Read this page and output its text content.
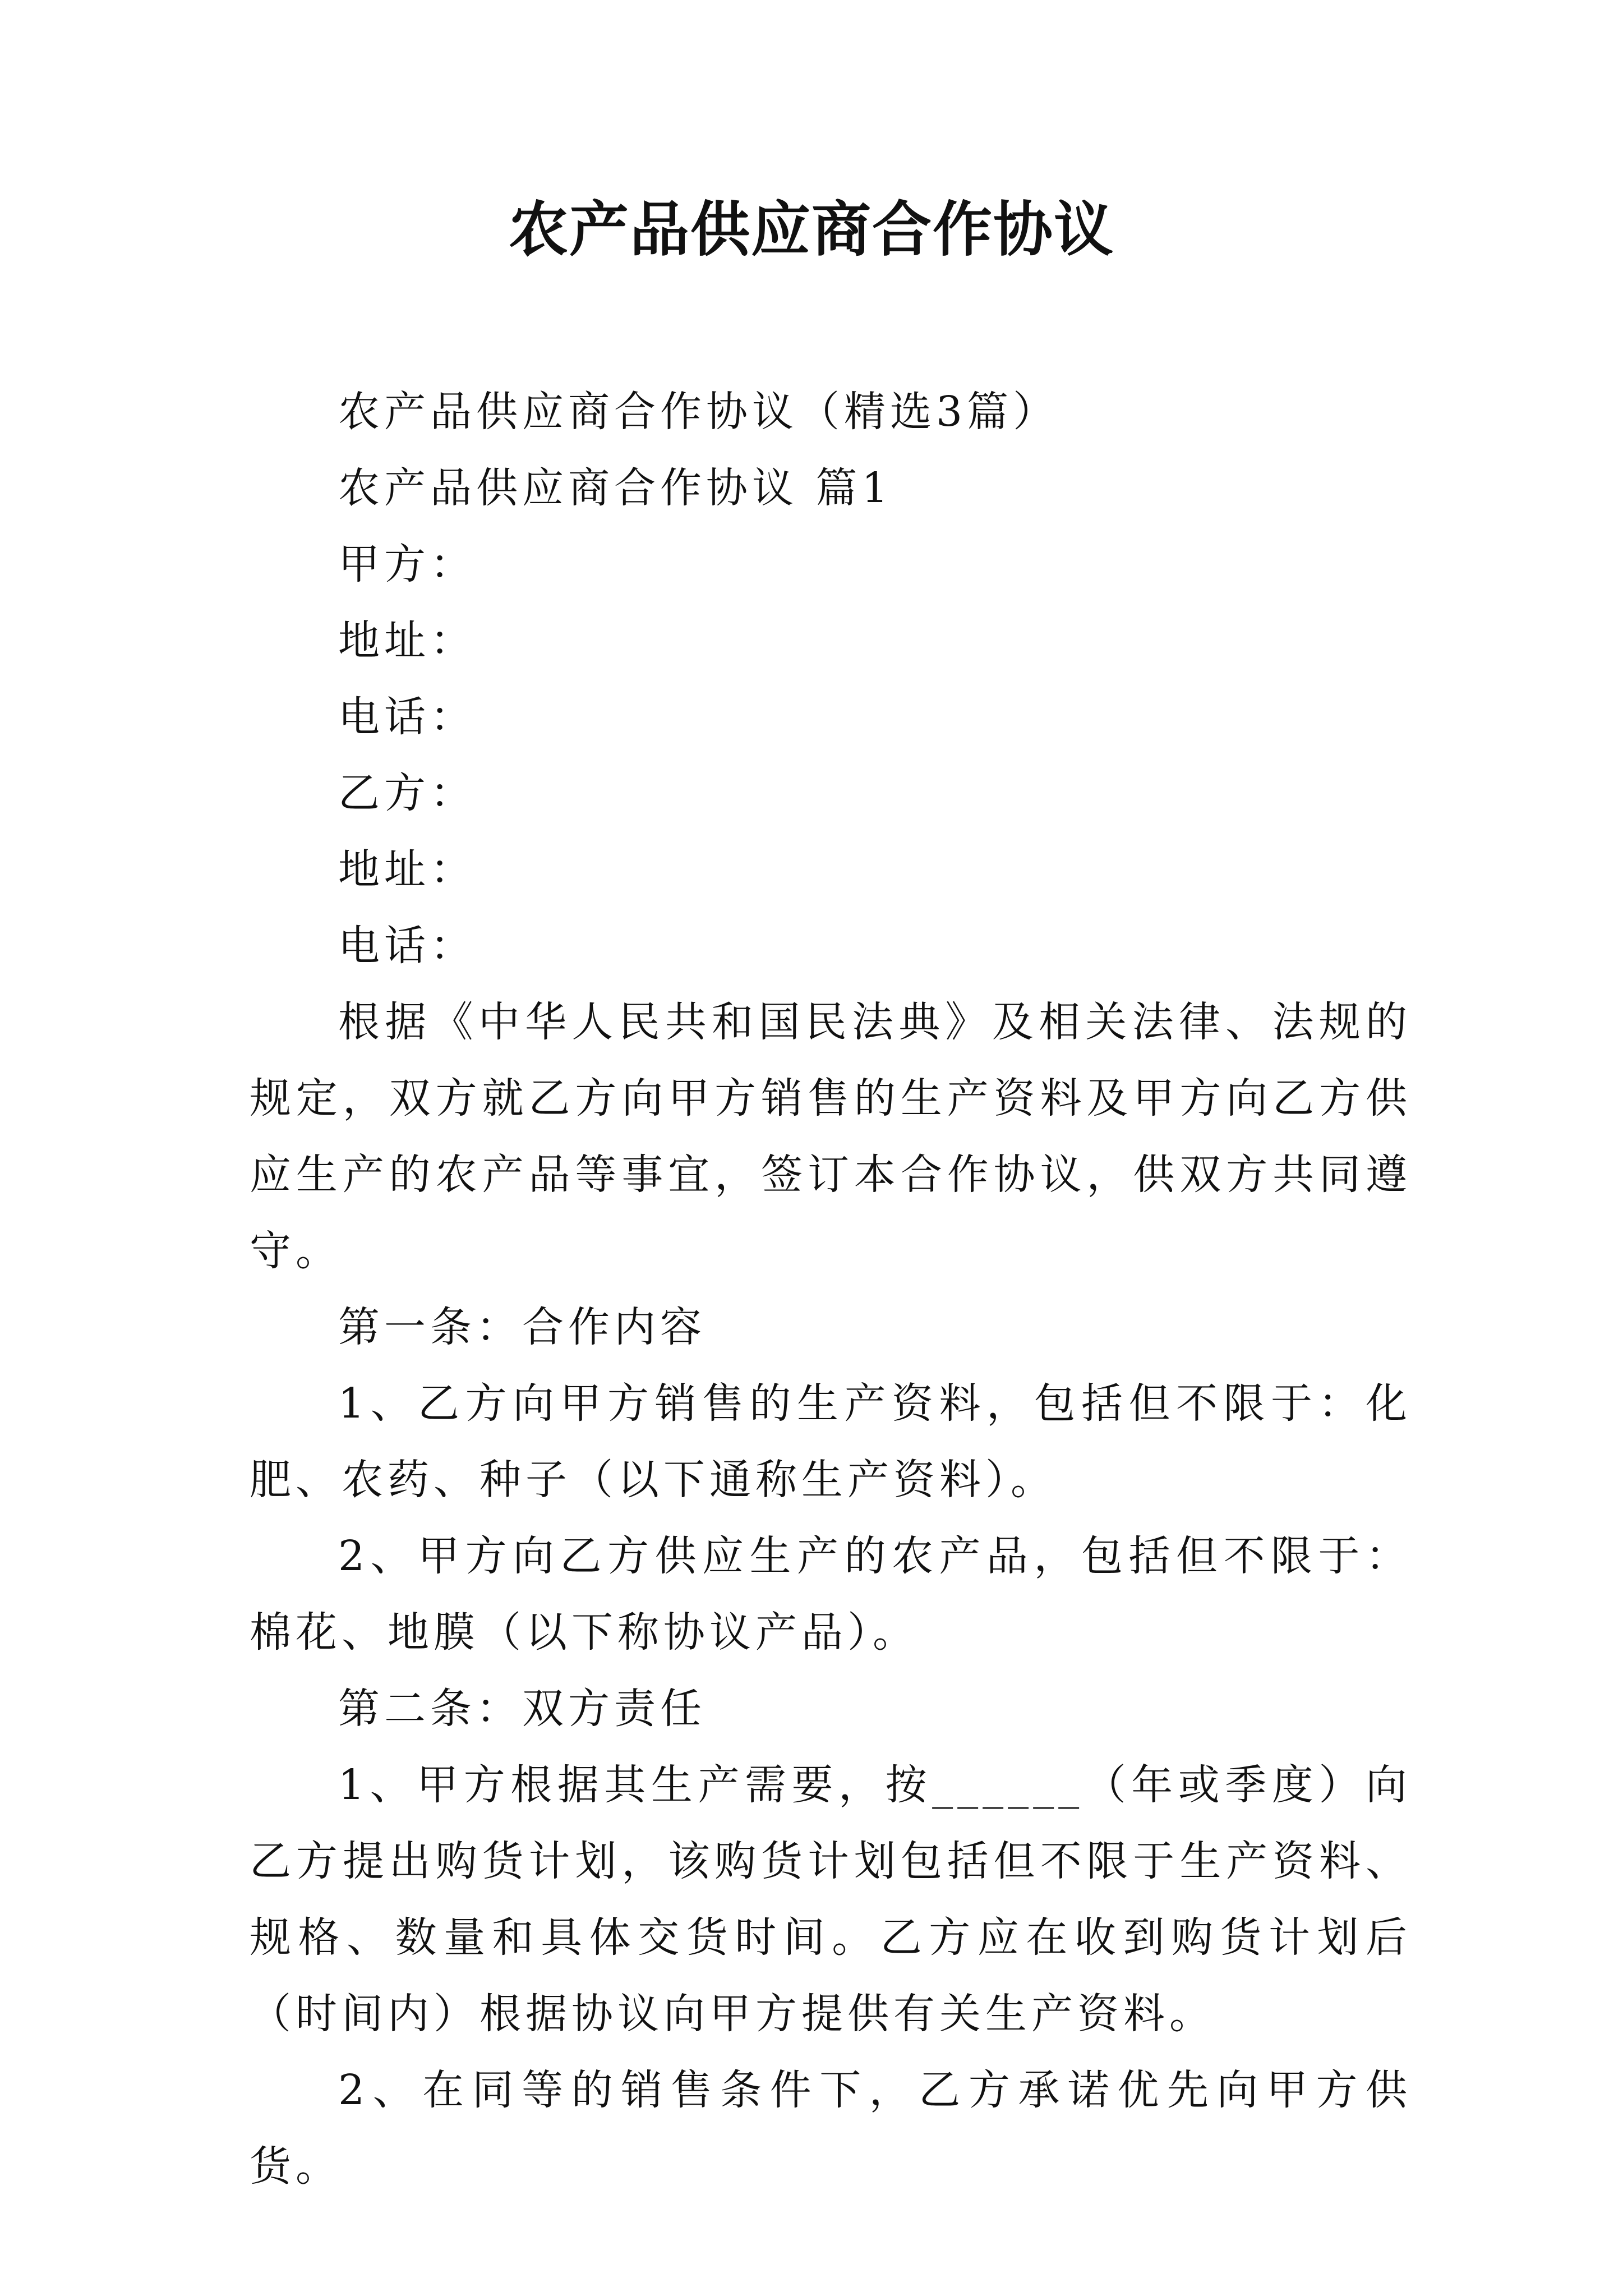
农产品供应商合作协议

农产品供应商合作协议（精选3篇）

农产品供应商合作协议 篇1

甲方：

地址：

电话：

乙方：

地址：

电话：

根据《中华人民共和国民法典》及相关法律、法规的规定，双方就乙方向甲方销售的生产资料及甲方向乙方供应生产的农产品等事宜，签订本合作协议，供双方共同遵守。

第一条：合作内容

1、乙方向甲方销售的生产资料，包括但不限于：化肥、农药、种子（以下通称生产资料）。

2、甲方向乙方供应生产的农产品，包括但不限于：棉花、地膜（以下称协议产品）。

第二条：双方责任

1、甲方根据其生产需要，按______（年或季度）向乙方提出购货计划，该购货计划包括但不限于生产资料、规格、数量和具体交货时间。乙方应在收到购货计划后（时间内）根据协议向甲方提供有关生产资料。

2、在同等的销售条件下，乙方承诺优先向甲方供货。
